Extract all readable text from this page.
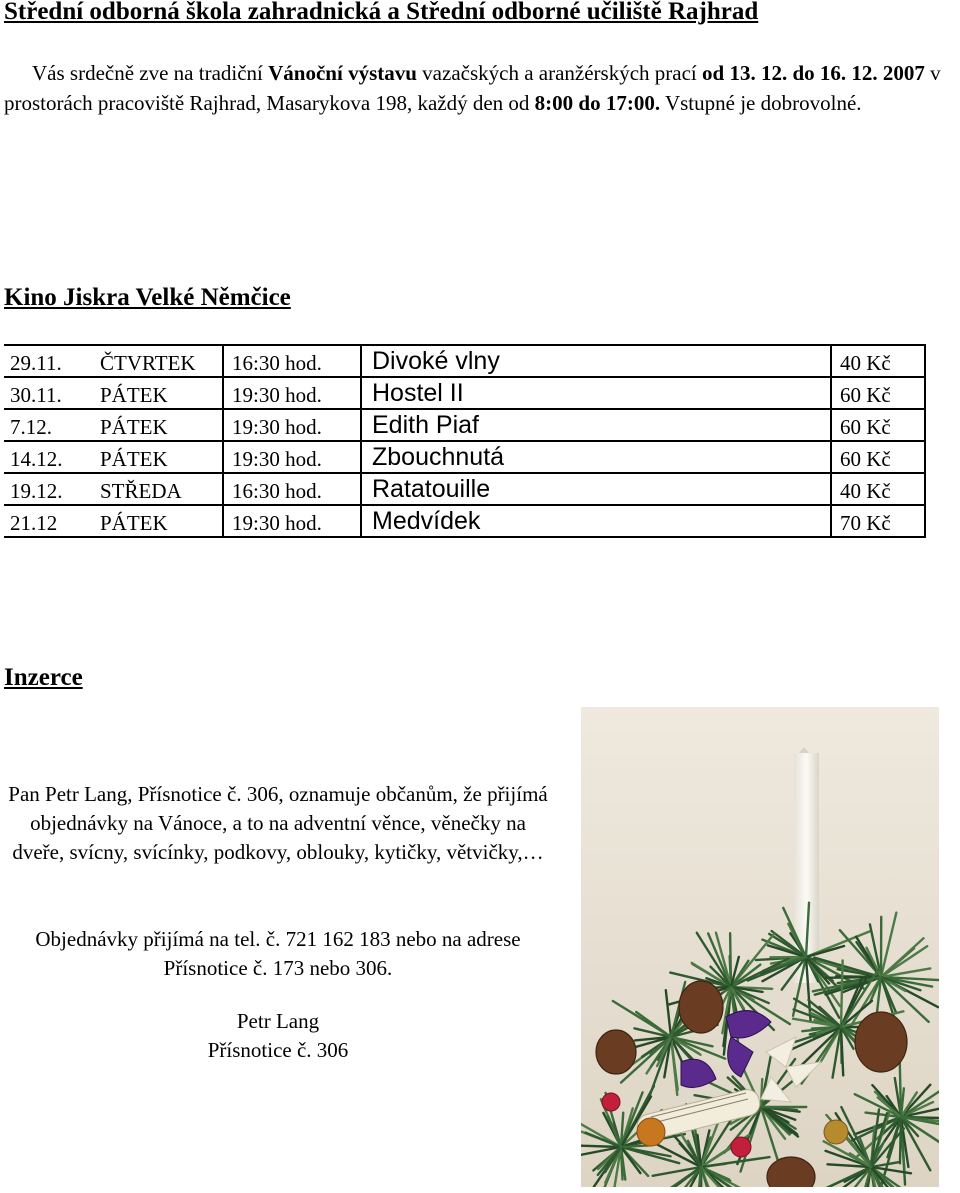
Střední odborná škola zahradnická a Střední odborné učiliště Rajhrad

Vás srdečně zve na tradiční Vánoční výstavu vazačských a aranžérských prací od 13. 12. do 16. 12. 2007 v prostorách pracoviště Rajhrad, Masarykova 198, každý den od 8:00 do 17:00. Vstupné je dobrovolné.

Kino Jiskra Velké Němčice
29.11.	ČTVRTEK	16:30 hod.	Divoké vlny	40 Kč
30.11.	PÁTEK	19:30 hod.	Hostel II	60 Kč
7.12.	PÁTEK	19:30 hod.	Edith Piaf	60 Kč
14.12.	PÁTEK	19:30 hod.	Zbouchnutá	60 Kč
19.12.	STŘEDA	16:30 hod.	Ratatouille	40 Kč
21.12	PÁTEK	19:30 hod.	Medvídek	70 Kč
Inzerce

Pan Petr Lang, Přísnotice č. 306, oznamuje občanům, že přijímá objednávky na Vánoce, a to na adventní věnce, věnečky na dveře, svícny, svícínky, podkovy, oblouky, kytičky, větvičky,…

Objednávky přijímá na tel. č. 721 162 183 nebo na adrese Přísnotice č. 173 nebo 306.

Petr Lang

Přísnotice č. 306
